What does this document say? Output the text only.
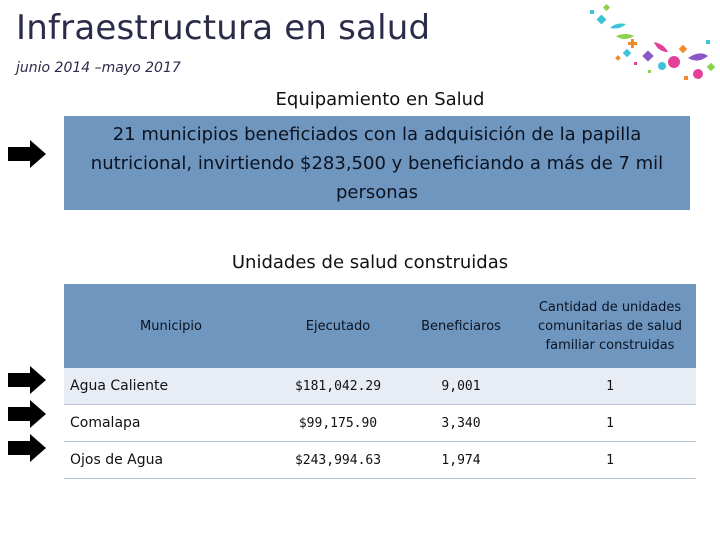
Infraestructura en salud
junio 2014 –mayo 2017
Equipamiento en Salud
21 municipios beneficiados con la adquisición de la papilla nutricional, invirtiendo $283,500 y beneficiando a más de 7 mil personas
Unidades de salud construidas
Municipio	Ejecutado	Beneficiaros	Cantidad de unidades comunitarias de salud familiar construidas
Agua Caliente	$181,042.29	9,001	1
Comalapa	$99,175.90	3,340	1
Ojos de Agua	$243,994.63	1,974	1
